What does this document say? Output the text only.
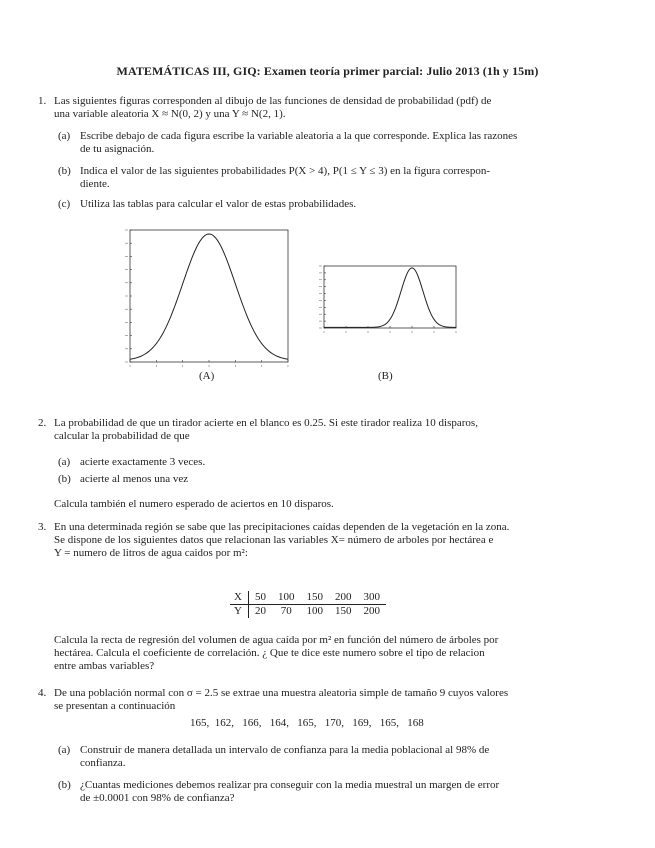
MATEMÁTICAS III, GIQ: Examen teoría primer parcial: Julio 2013 (1h y 15m)
1. Las siguientes figuras corresponden al dibujo de las funciones de densidad de probabilidad (pdf) de
una variable aleatoria X ≈ N(0, 2) y una Y ≈ N(2, 1).
(a) Escribe debajo de cada figura escribe la variable aleatoria a la que corresponde. Explica las razones
de tu asignación.
(b) Indica el valor de las siguientes probabilidades P(X > 4), P(1 ≤ Y ≤ 3) en la figura correspon-
diente.
(c) Utiliza las tablas para calcular el valor de estas probabilidades.
(A)	(B)
2. La probabilidad de que un tirador acierte en el blanco es 0.25. Si este tirador realiza 10 disparos,
calcular la probabilidad de que
(a) acierte exactamente 3 veces.
(b) acierte al menos una vez
Calcula también el numero esperado de aciertos en 10 disparos.
3. En una determinada región se sabe que las precipitaciones caídas dependen de la vegetación en la zona.
Se dispone de los siguientes datos que relacionan las variables X= número de arboles por hectárea e
Y = numero de litros de agua caidos por m²:
X	50	100	150	200	300
Y	20	70	100	150	200
Calcula la recta de regresión del volumen de agua caída por m² en función del número de árboles por
hectárea. Calcula el coeficiente de correlación. ¿ Que te dice este numero sobre el tipo de relacion
entre ambas variables?
4. De una población normal con σ = 2.5 se extrae una muestra aleatoria simple de tamaño 9 cuyos valores
se presentan a continuación
165,  162,   166,   164,   165,   170,   169,   165,   168
(a) Construir de manera detallada un intervalo de confianza para la media poblacional al 98% de
confianza.
(b) ¿Cuantas mediciones debemos realizar pra conseguir con la media muestral un margen de error
de ±0.0001 con 98% de confianza?
